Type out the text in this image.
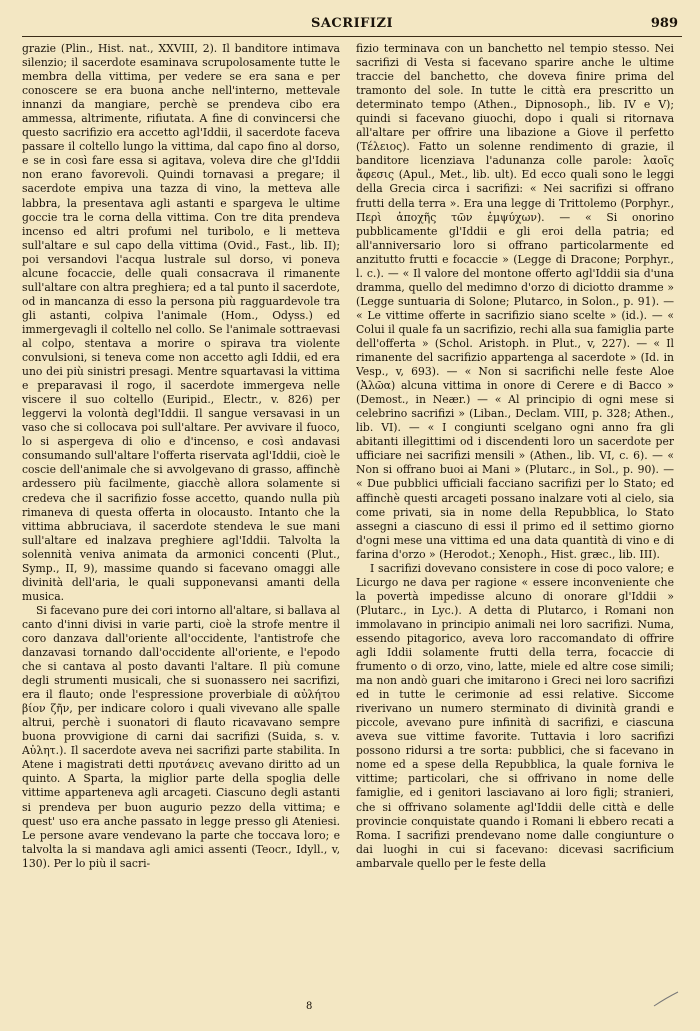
SACRIFIZI	989

grazie (Plin., Hist. nat., XXVIII, 2). Il banditore intimava silenzio; il sacerdote esaminava scrupolosamente tutte le membra della vittima, per vedere se era sana e per conoscere se era buona anche nell'interno, mettevale innanzi da mangiare, perchè se prendeva cibo era ammessa, altrimente, rifiutata. A fine di convincersi che questo sacrifizio era accetto agl'Iddii, il sacerdote faceva passare il coltello lungo la vittima, dal capo fino al dorso, e se in così fare essa si agitava, voleva dire che gl'Iddii non erano favorevoli. Quindi tornavasi a pregare; il sacerdote empiva una tazza di vino, la metteva alle labbra, la presentava agli astanti e spargeva le ultime goccie tra le corna della vittima. Con tre dita prendeva incenso ed altri profumi nel turibolo, e li metteva sull'altare e sul capo della vittima (Ovid., Fast., lib. II); poi versandovi l'acqua lustrale sul dorso, vi poneva alcune focaccie, delle quali consacrava il rimanente sull'altare con altra preghiera; ed a tal punto il sacerdote, od in mancanza di esso la persona più ragguardevole tra gli astanti, colpiva l'animale (Hom., Odyss.) ed immergevagli il coltello nel collo. Se l'animale sottraevasi al colpo, stentava a morire o spirava tra violente convulsioni, si teneva come non accetto agli Iddii, ed era uno dei più sinistri presagi. Mentre squartavasi la vittima e preparavasi il rogo, il sacerdote immergeva nelle viscere il suo coltello (Euripid., Electr., v. 826) per leggervi la volontà degl'Iddii. Il sangue versavasi in un vaso che si collocava poi sull'altare. Per avvivare il fuoco, lo si aspergeva di olio e d'incenso, e così andavasi consumando sull'altare l'offerta riservata agl'Iddii, cioè le coscie dell'animale che si avvolgevano di grasso, affinchè ardessero più facilmente, giacchè allora solamente si credeva che il sacrifizio fosse accetto, quando nulla più rimaneva di questa offerta in olocausto. Intanto che la vittima abbruciava, il sacerdote stendeva le sue mani sull'altare ed inalzava preghiere agl'Iddii. Talvolta la solennità veniva animata da armonici concenti (Plut., Symp., II, 9), massime quando si facevano omaggi alle divinità dell'aria, le quali supponevansi amanti della musica.

Si facevano pure dei cori intorno all'altare, si ballava al canto d'inni divisi in varie parti, cioè la strofe mentre il coro danzava dall'oriente all'occidente, l'antistrofe che danzavasi tornando dall'occidente all'oriente, e l'epodo che si cantava al posto davanti l'altare. Il più comune degli strumenti musicali, che si suonassero nei sacrifizi, era il flauto; onde l'espressione proverbiale di αὐλήτου βίον ζῆν, per indicare coloro i quali vivevano alle spalle altrui, perchè i suonatori di flauto ricavavano sempre buona provvigione di carni dai sacrifizi (Suida, s. v. Αὐλητ.). Il sacerdote aveva nei sacrifizi parte stabilita. In Atene i magistrati detti πρυτάνεις avevano diritto ad un quinto. A Sparta, la miglior parte della spoglia delle vittime apparteneva agli arcageti. Ciascuno degli astanti si prendeva per buon augurio pezzo della vittima; e quest' uso era anche passato in legge presso gli Ateniesi. Le persone avare vendevano la parte che toccava loro; e talvolta la si mandava agli amici assenti (Teocr., Idyll., v, 130). Per lo più il sacri-

fizio terminava con un banchetto nel tempio stesso. Nei sacrifizi di Vesta si facevano sparire anche le ultime traccie del banchetto, che doveva finire prima del tramonto del sole. In tutte le città era prescritto un determinato tempo (Athen., Dipnosoph., lib. IV e V); quindi si facevano giuochi, dopo i quali si ritornava all'altare per offrire una libazione a Giove il perfetto (Τέλειος). Fatto un solenne rendimento di grazie, il banditore licenziava l'adunanza colle parole: λαοῖς ἄφεσις (Apul., Met., lib. ult). Ed ecco quali sono le leggi della Grecia circa i sacrifizi: « Nei sacrifizi si offrano frutti della terra ». Era una legge di Trittolemo (Porphyr., Περὶ ἀποχῆς τῶν ἐμψύχων). — « Si onorino pubblicamente gl'Iddii e gli eroi della patria; ed all'anniversario loro si offrano particolarmente ed anzitutto frutti e focaccie » (Legge di Dracone; Porphyr., l. c.). — « Il valore del montone offerto agl'Iddii sia d'una dramma, quello del medimno d'orzo di diciotto dramme » (Legge suntuaria di Solone; Plutarco, in Solon., p. 91). — « Le vittime offerte in sacrifizio siano scelte » (id.). — « Colui il quale fa un sacrifizio, rechi alla sua famiglia parte dell'offerta » (Schol. Aristoph. in Plut., v, 227). — « Il rimanente del sacrifizio appartenga al sacerdote » (Id. in Vesp., v, 693). — « Non si sacrifichi nelle feste Aloe (Ἀλῶα) alcuna vittima in onore di Cerere e di Bacco » (Demost., in Neær.) — « Al principio di ogni mese si celebrino sacrifizi » (Liban., Declam. VIII, p. 328; Athen., lib. VI). — « I congiunti scelgano ogni anno fra gli abitanti illegittimi od i discendenti loro un sacerdote per ufficiare nei sacrifizi mensili » (Athen., lib. VI, c. 6). — « Non si offrano buoi ai Mani » (Plutarc., in Sol., p. 90). — « Due pubblici ufficiali facciano sacrifizi per lo Stato; ed affinchè questi arcageti possano inalzare voti al cielo, sia come privati, sia in nome della Repubblica, lo Stato assegni a ciascuno di essi il primo ed il settimo giorno d'ogni mese una vittima ed una data quantità di vino e di farina d'orzo » (Herodot.; Xenoph., Hist. græc., lib. III).

I sacrifizi dovevano consistere in cose di poco valore; e Licurgo ne dava per ragione « essere inconveniente che la povertà impedisse alcuno di onorare gl'Iddii » (Plutarc., in Lyc.). A detta di Plutarco, i Romani non immolavano in principio animali nei loro sacrifizi. Numa, essendo pitagorico, aveva loro raccomandato di offrire agli Iddii solamente frutti della terra, focaccie di frumento o di orzo, vino, latte, miele ed altre cose simili; ma non andò guari che imitarono i Greci nei loro sacrifizi ed in tutte le cerimonie ad essi relative. Siccome riverivano un numero sterminato di divinità grandi e piccole, avevano pure infinità di sacrifizi, e ciascuna aveva sue vittime favorite. Tuttavia i loro sacrifizi possono ridursi a tre sorta: pubblici, che si facevano in nome ed a spese della Repubblica, la quale forniva le vittime; particolari, che si offrivano in nome delle famiglie, ed i genitori lasciavano ai loro figli; stranieri, che si offrivano solamente agl'Iddii delle città e delle provincie conquistate quando i Romani li ebbero recati a Roma. I sacrifizi prendevano nome dalle congiunture o dai luoghi in cui si facevano: dicevasi sacrificium ambarvale quello per le feste della

8
